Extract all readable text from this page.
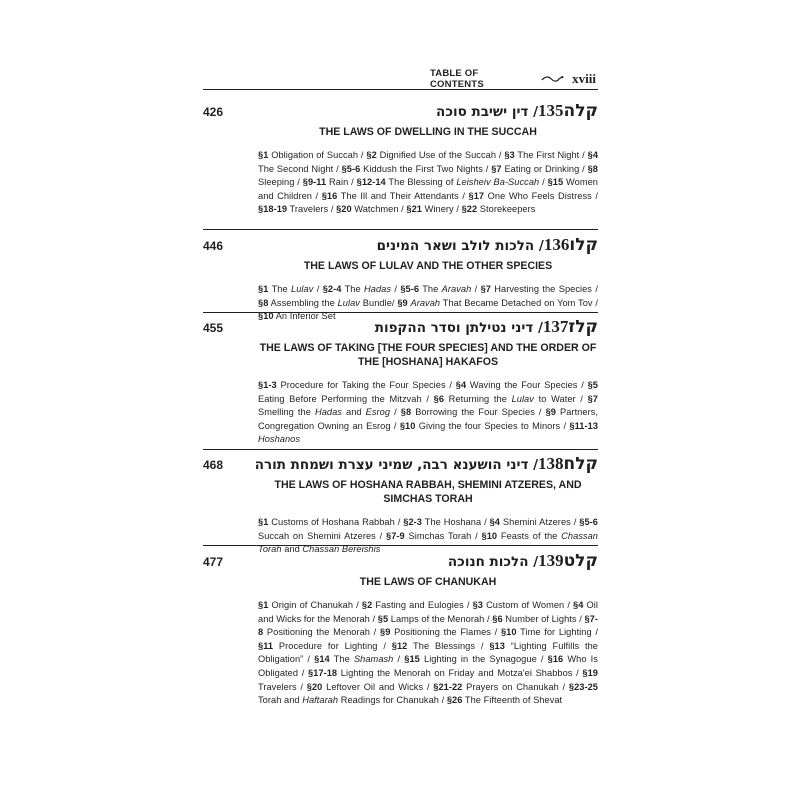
TABLE OF CONTENTS	xviii
426	קלה135/ דין ישיבת סוכה
THE LAWS OF DWELLING IN THE SUCCAH
§1 Obligation of Succah / §2 Dignified Use of the Succah / §3 The First Night / §4 The Second Night / §5-6 Kiddush the First Two Nights / §7 Eating or Drinking / §8 Sleeping / §9-11 Rain / §12-14 The Blessing of Leisheiv Ba-Succah / §15 Women and Children / §16 The Ill and Their Attendants / §17 One Who Feels Distress / §18-19 Travelers / §20 Watchmen / §21 Winery / §22 Storekeepers
446	קלו136/ הלכות לולב ושאר המינים
THE LAWS OF LULAV AND THE OTHER SPECIES
§1 The Lulav / §2-4 The Hadas / §5-6 The Aravah / §7 Harvesting the Species / §8 Assembling the Lulav Bundle/ §9 Aravah That Became Detached on Yom Tov / §10 An Inferior Set
455	קלז137/ דיני נטילתן וסדר ההקפות
THE LAWS OF TAKING [THE FOUR SPECIES] AND THE ORDER OF THE [HOSHANA] HAKAFOS
§1-3 Procedure for Taking the Four Species / §4 Waving the Four Species / §5 Eating Before Performing the Mitzvah / §6 Returning the Lulav to Water / §7 Smelling the Hadas and Esrog / §8 Borrowing the Four Species / §9 Partners, Congregation Owning an Esrog / §10 Giving the four Species to Minors / §11-13 Hoshanos
468	קלח138/ דיני הושענא רבה, שמיני עצרת ושמחת תורה
THE LAWS OF HOSHANA RABBAH, SHEMINI ATZERES, AND SIMCHAS TORAH
§1 Customs of Hoshana Rabbah / §2-3 The Hoshana / §4 Shemini Atzeres / §5-6 Succah on Shemini Atzeres / §7-9 Simchas Torah / §10 Feasts of the Chassan Torah and Chassan Bereishis
477	קלט139/ הלכות חנוכה
THE LAWS OF CHANUKAH
§1 Origin of Chanukah / §2 Fasting and Eulogies / §3 Custom of Women / §4 Oil and Wicks for the Menorah / §5 Lamps of the Menorah / §6 Number of Lights / §7-8 Positioning the Menorah / §9 Positioning the Flames / §10 Time for Lighting / §11 Procedure for Lighting / §12 The Blessings / §13 “Lighting Fulfills the Obligation” / §14 The Shamash / §15 Lighting in the Synagogue / §16 Who Is Obligated / §17-18 Lighting the Menorah on Friday and Motza'ei Shabbos / §19 Travelers / §20 Leftover Oil and Wicks / §21-22 Prayers on Chanukah / §23-25 Torah and Haftarah Readings for Chanukah / §26 The Fifteenth of Shevat
